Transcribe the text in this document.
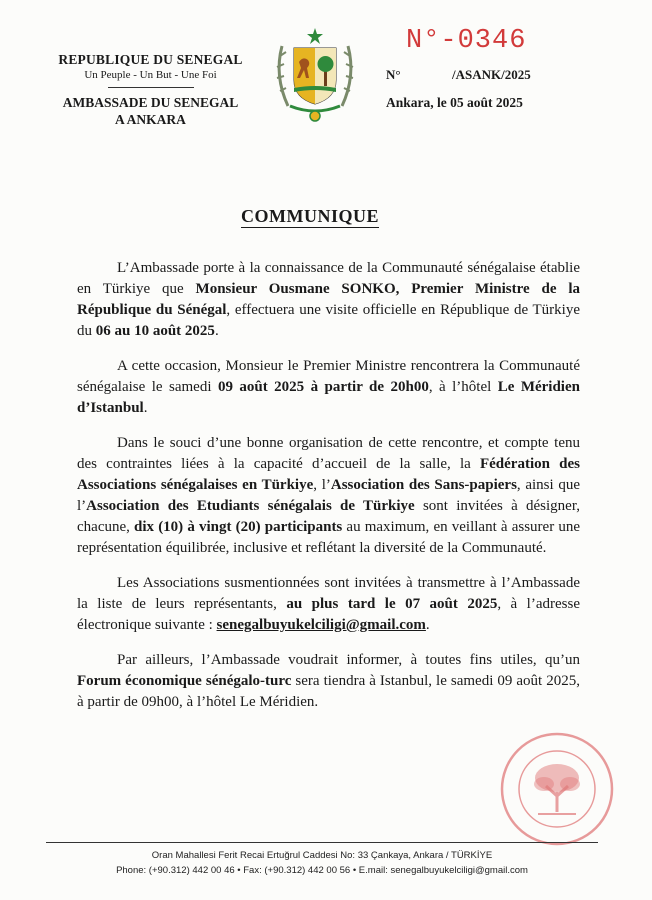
REPUBLIQUE DU SENEGAL
Un Peuple - Un But - Une Foi
AMBASSADE DU SENEGAL
A ANKARA
N°-0346
N°	/ASANK/2025
Ankara, le 05 août 2025
COMMUNIQUE

L’Ambassade porte à la connaissance de la Communauté sénégalaise établie en Türkiye que Monsieur Ousmane SONKO, Premier Ministre de la République du Sénégal, effectuera une visite officielle en République de Türkiye du 06 au 10 août 2025.

A cette occasion, Monsieur le Premier Ministre rencontrera la Communauté sénégalaise le samedi 09 août 2025 à partir de 20h00, à l’hôtel Le Méridien d’Istanbul.

Dans le souci d’une bonne organisation de cette rencontre, et compte tenu des contraintes liées à la capacité d’accueil de la salle, la Fédération des Associations sénégalaises en Türkiye, l’Association des Sans-papiers, ainsi que l’Association des Etudiants sénégalais de Türkiye sont invitées à désigner, chacune, dix (10) à vingt (20) participants au maximum, en veillant à assurer une représentation équilibrée, inclusive et reflétant la diversité de la Communauté.

Les Associations susmentionnées sont invitées à transmettre à l’Ambassade la liste de leurs représentants, au plus tard le 07 août 2025, à l’adresse électronique suivante : senegalbuyukelciligi@gmail.com.

Par ailleurs, l’Ambassade voudrait informer, à toutes fins utiles, qu’un Forum économique sénégalo-turc sera tiendra à Istanbul, le samedi 09 août 2025, à partir de 09h00, à l’hôtel Le Méridien.

Oran Mahallesi Ferit Recai Ertuğrul Caddesi No: 33 Çankaya, Ankara / TÜRKİYE
Phone: (+90.312) 442 00 46 • Fax: (+90.312) 442 00 56 • E.mail: senegalbuyukelciligi@gmail.com
